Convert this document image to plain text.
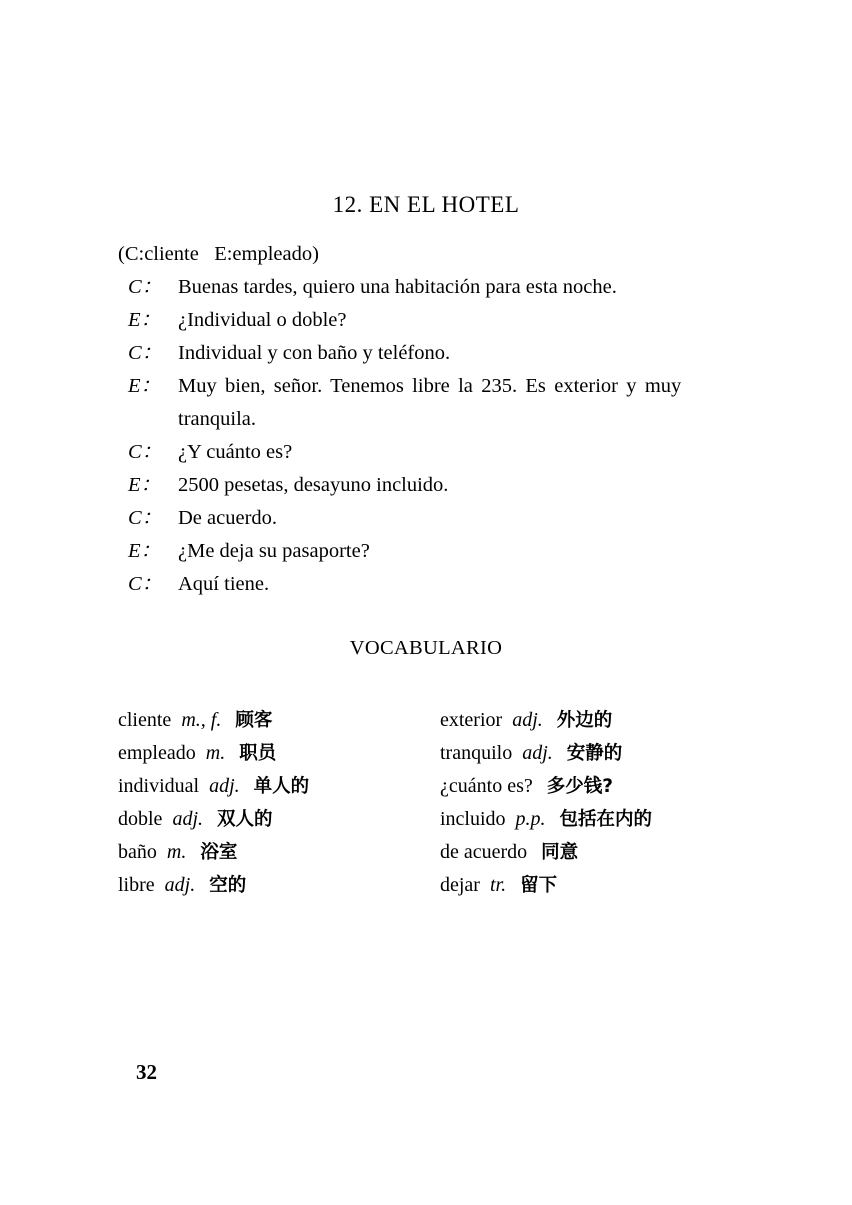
12. EN EL HOTEL
(C:cliente   E:empleado)
C： Buenas tardes, quiero una habitación para esta noche.
E： ¿Individual o doble?
C： Individual y con baño y teléfono.
E： Muy bien, señor. Tenemos libre la 235. Es exterior y muy
tranquila.
C： ¿Y cuánto es?
E： 2500 pesetas, desayuno incluido.
C： De acuerdo.
E： ¿Me deja su pasaporte?
C： Aquí tiene.
VOCABULARIO
cliente m., f. 顾客
empleado m. 职员
individual adj. 单人的
doble adj. 双人的
baño m. 浴室
libre adj. 空的
exterior adj. 外边的
tranquilo adj. 安静的
¿cuánto es? 多少钱?
incluido p.p. 包括在内的
de acuerdo 同意
dejar tr. 留下
32
